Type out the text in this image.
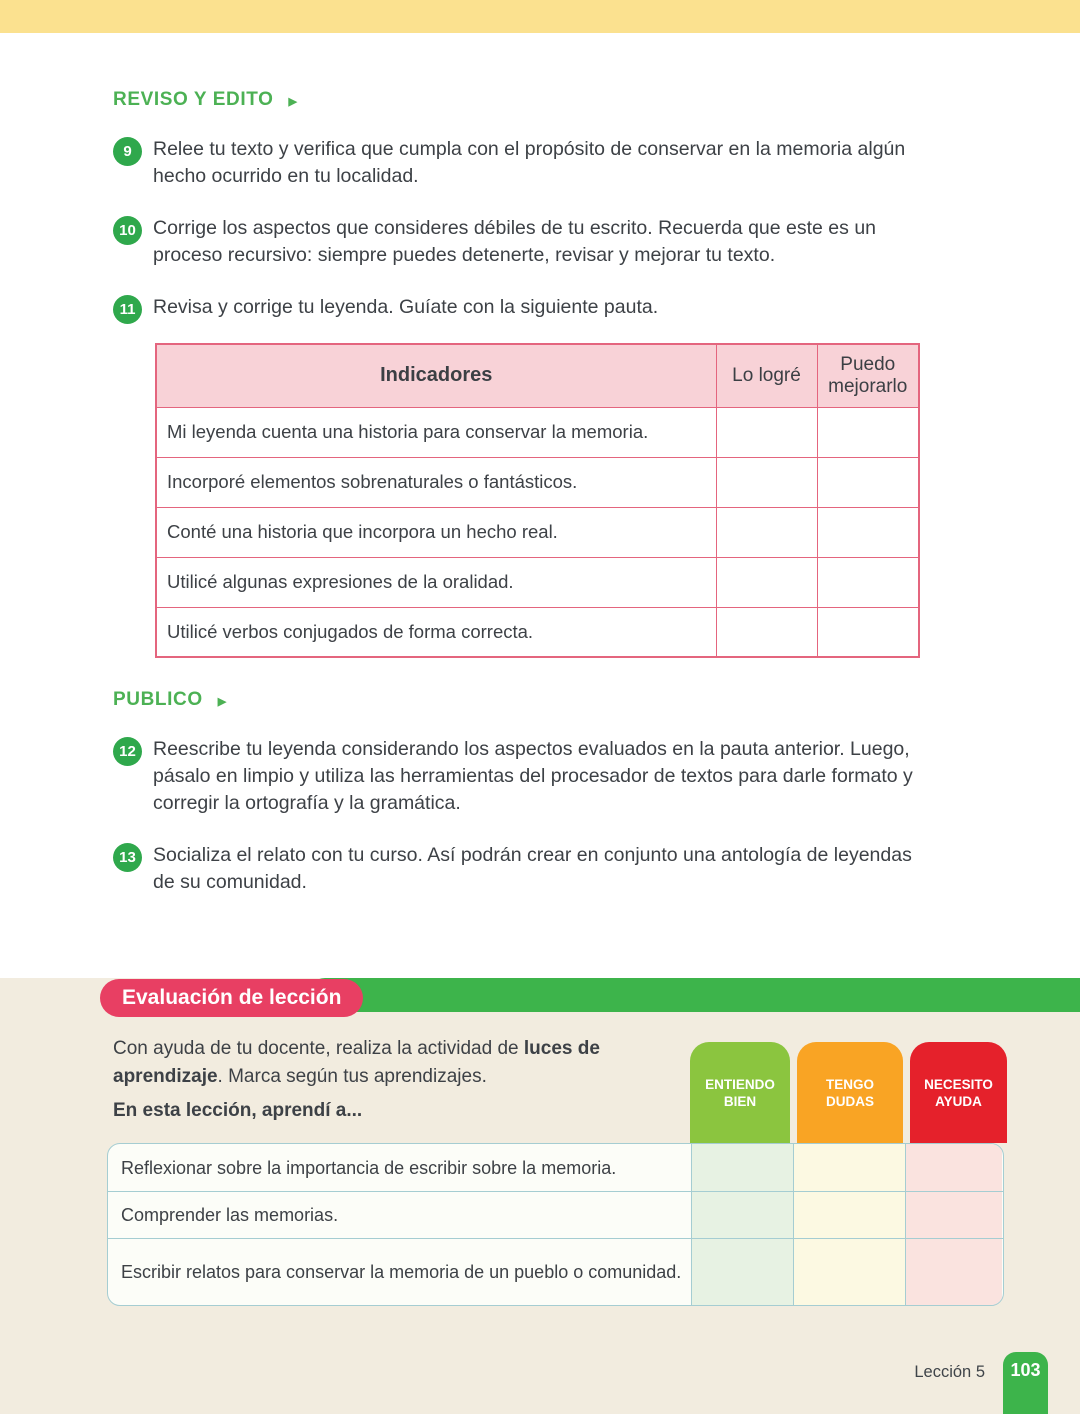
REVISO Y EDITO ▶
9	Relee tu texto y verifica que cumpla con el propósito de conservar en la memoria algún hecho ocurrido en tu localidad.

10 Corrige los aspectos que consideres débiles de tu escrito. Recuerda que este es un proceso recursivo: siempre puedes detenerte, revisar y mejorar tu texto.

11 Revisa y corrige tu leyenda. Guíate con la siguiente pauta.

Indicadores	Lo logré	Puedo mejorarlo
Mi leyenda cuenta una historia para conservar la memoria.		
Incorporé elementos sobrenaturales o fantásticos.		
Conté una historia que incorpora un hecho real.		
Utilicé algunas expresiones de la oralidad.		
Utilicé verbos conjugados de forma correcta.		
PUBLICO ▶
12 Reescribe tu leyenda considerando los aspectos evaluados en la pauta anterior. Luego, pásalo en limpio y utiliza las herramientas del procesador de textos para darle formato y corregir la ortografía y la gramática.

13 Socializa el relato con tu curso. Así podrán crear en conjunto una antología de leyendas de su comunidad.

Evaluación de lección

Con ayuda de tu docente, realiza la actividad de luces de aprendizaje. Marca según tus aprendizajes.

En esta lección, aprendí a...

ENTIENDO BIEN
TENGO DUDAS
NECESITO AYUDA
Reflexionar sobre la importancia de escribir sobre la memoria.
Comprender las memorias.
Escribir relatos para conservar la memoria de un pueblo o comunidad.
Lección 5	103
